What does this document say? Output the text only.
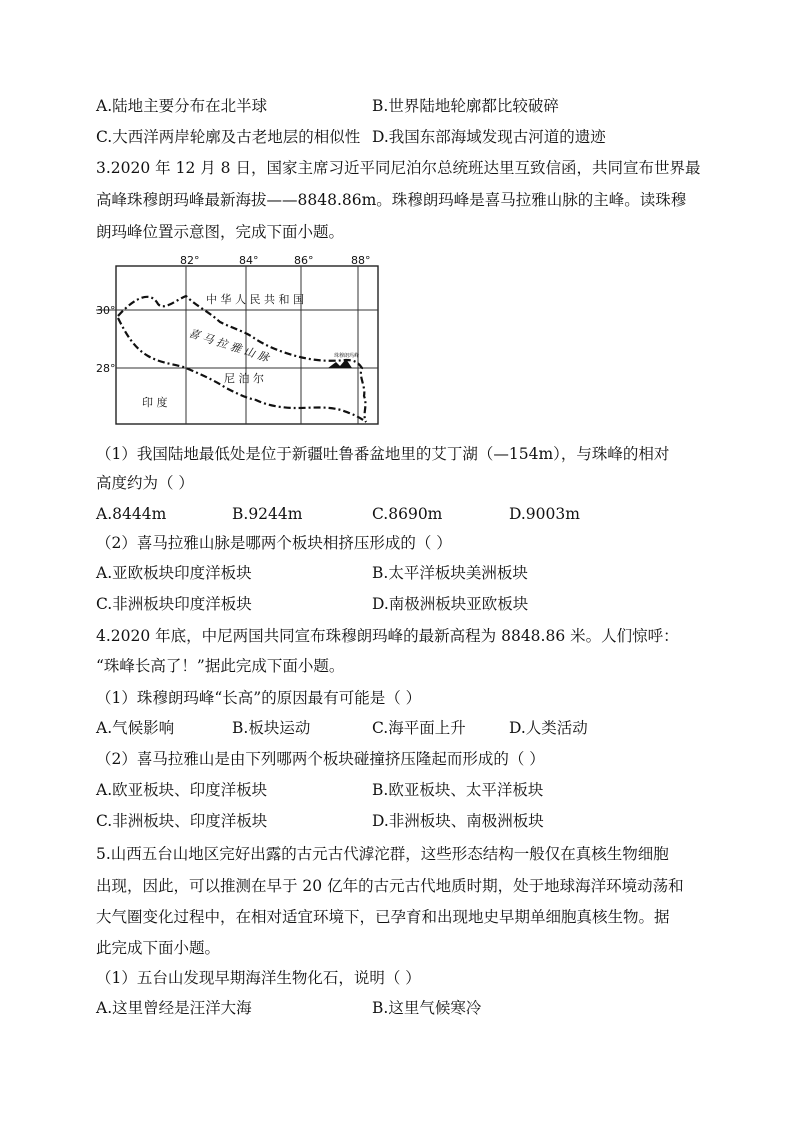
A.陆地主要分布在北半球	B.世界陆地轮廓都比较破碎
C.大西洋两岸轮廓及古老地层的相似性 D.我国东部海域发现古河道的遗迹
3.2020 年 12 月 8 日，国家主席习近平同尼泊尔总统班达里互致信函，共同宣布世界最
高峰珠穆朗玛峰最新海拔——8848.86m。珠穆朗玛峰是喜马拉雅山脉的主峰。读珠穆
朗玛峰位置示意图，完成下面小题。
82°	84°	86°	88°
30°
28°
中 华 人 民 共 和 国
喜 马 拉 雅 山 脉
尼 泊 尔
印 度
珠穆朗玛峰
（1）我国陆地最低处是位于新疆吐鲁番盆地里的艾丁湖（—154m），与珠峰的相对
高度约为（ ）
A.8444m	B.9244m	C.8690m	D.9003m
（2）喜马拉雅山脉是哪两个板块相挤压形成的（ ）
A.亚欧板块印度洋板块	B.太平洋板块美洲板块
C.非洲板块印度洋板块	D.南极洲板块亚欧板块
4.2020 年底，中尼两国共同宣布珠穆朗玛峰的最新高程为 8848.86 米。人们惊呼：
“珠峰长高了！”据此完成下面小题。
（1）珠穆朗玛峰“长高”的原因最有可能是（ ）
A.气候影响	B.板块运动	C.海平面上升	D.人类活动
（2）喜马拉雅山是由下列哪两个板块碰撞挤压隆起而形成的（ ）
A.欧亚板块、印度洋板块	B.欧亚板块、太平洋板块
C.非洲板块、印度洋板块	D.非洲板块、南极洲板块
5.山西五台山地区完好出露的古元古代滹沱群，这些形态结构一般仅在真核生物细胞
出现，因此，可以推测在早于 20 亿年的古元古代地质时期，处于地球海洋环境动荡和
大气圈变化过程中，在相对适宜环境下，已孕育和出现地史早期单细胞真核生物。据
此完成下面小题。
（1）五台山发现早期海洋生物化石，说明（ ）
A.这里曾经是汪洋大海	B.这里气候寒冷
